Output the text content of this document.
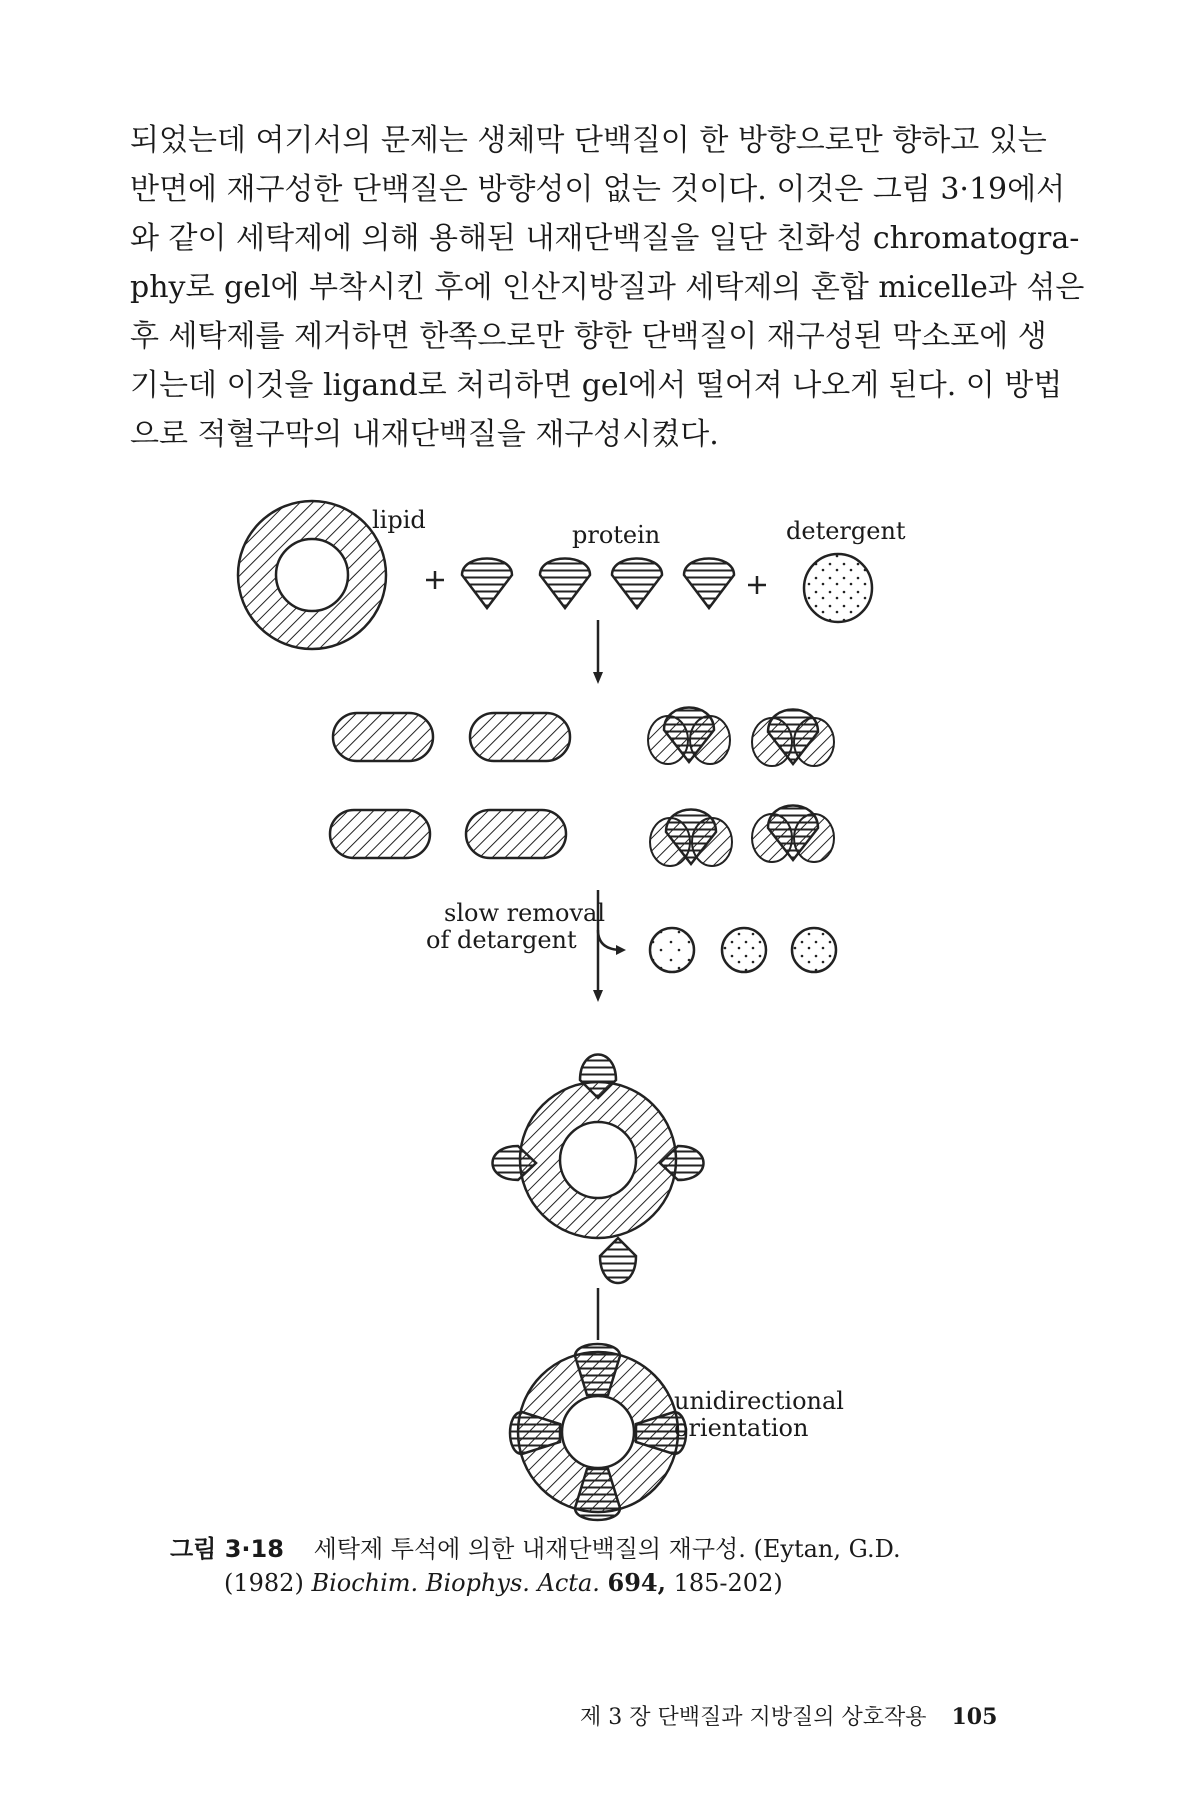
되었는데 여기서의 문제는 생체막 단백질이 한 방향으로만 향하고 있는
반면에 재구성한 단백질은 방향성이 없는 것이다. 이것은 그림 3·19에서
와 같이 세탁제에 의해 용해된 내재단백질을 일단 친화성 chromatogra-
phy로 gel에 부착시킨 후에 인산지방질과 세탁제의 혼합 micelle과 섞은
후 세탁제를 제거하면 한쪽으로만 향한 단백질이 재구성된 막소포에 생
기는데 이것을 ligand로 처리하면 gel에서 떨어져 나오게 된다. 이 방법
으로 적혈구막의 내재단백질을 재구성시켰다.
lipid
protein	detergent
slow removal
of detargent
unidirectional
orientation
그림 3·18 세탁제 투석에 의한 내재단백질의 재구성. (Eytan, G.D.
(1982) Biochim. Biophys. Acta. 694, 185-202)
제 3 장 단백질과 지방질의 상호작용 105
